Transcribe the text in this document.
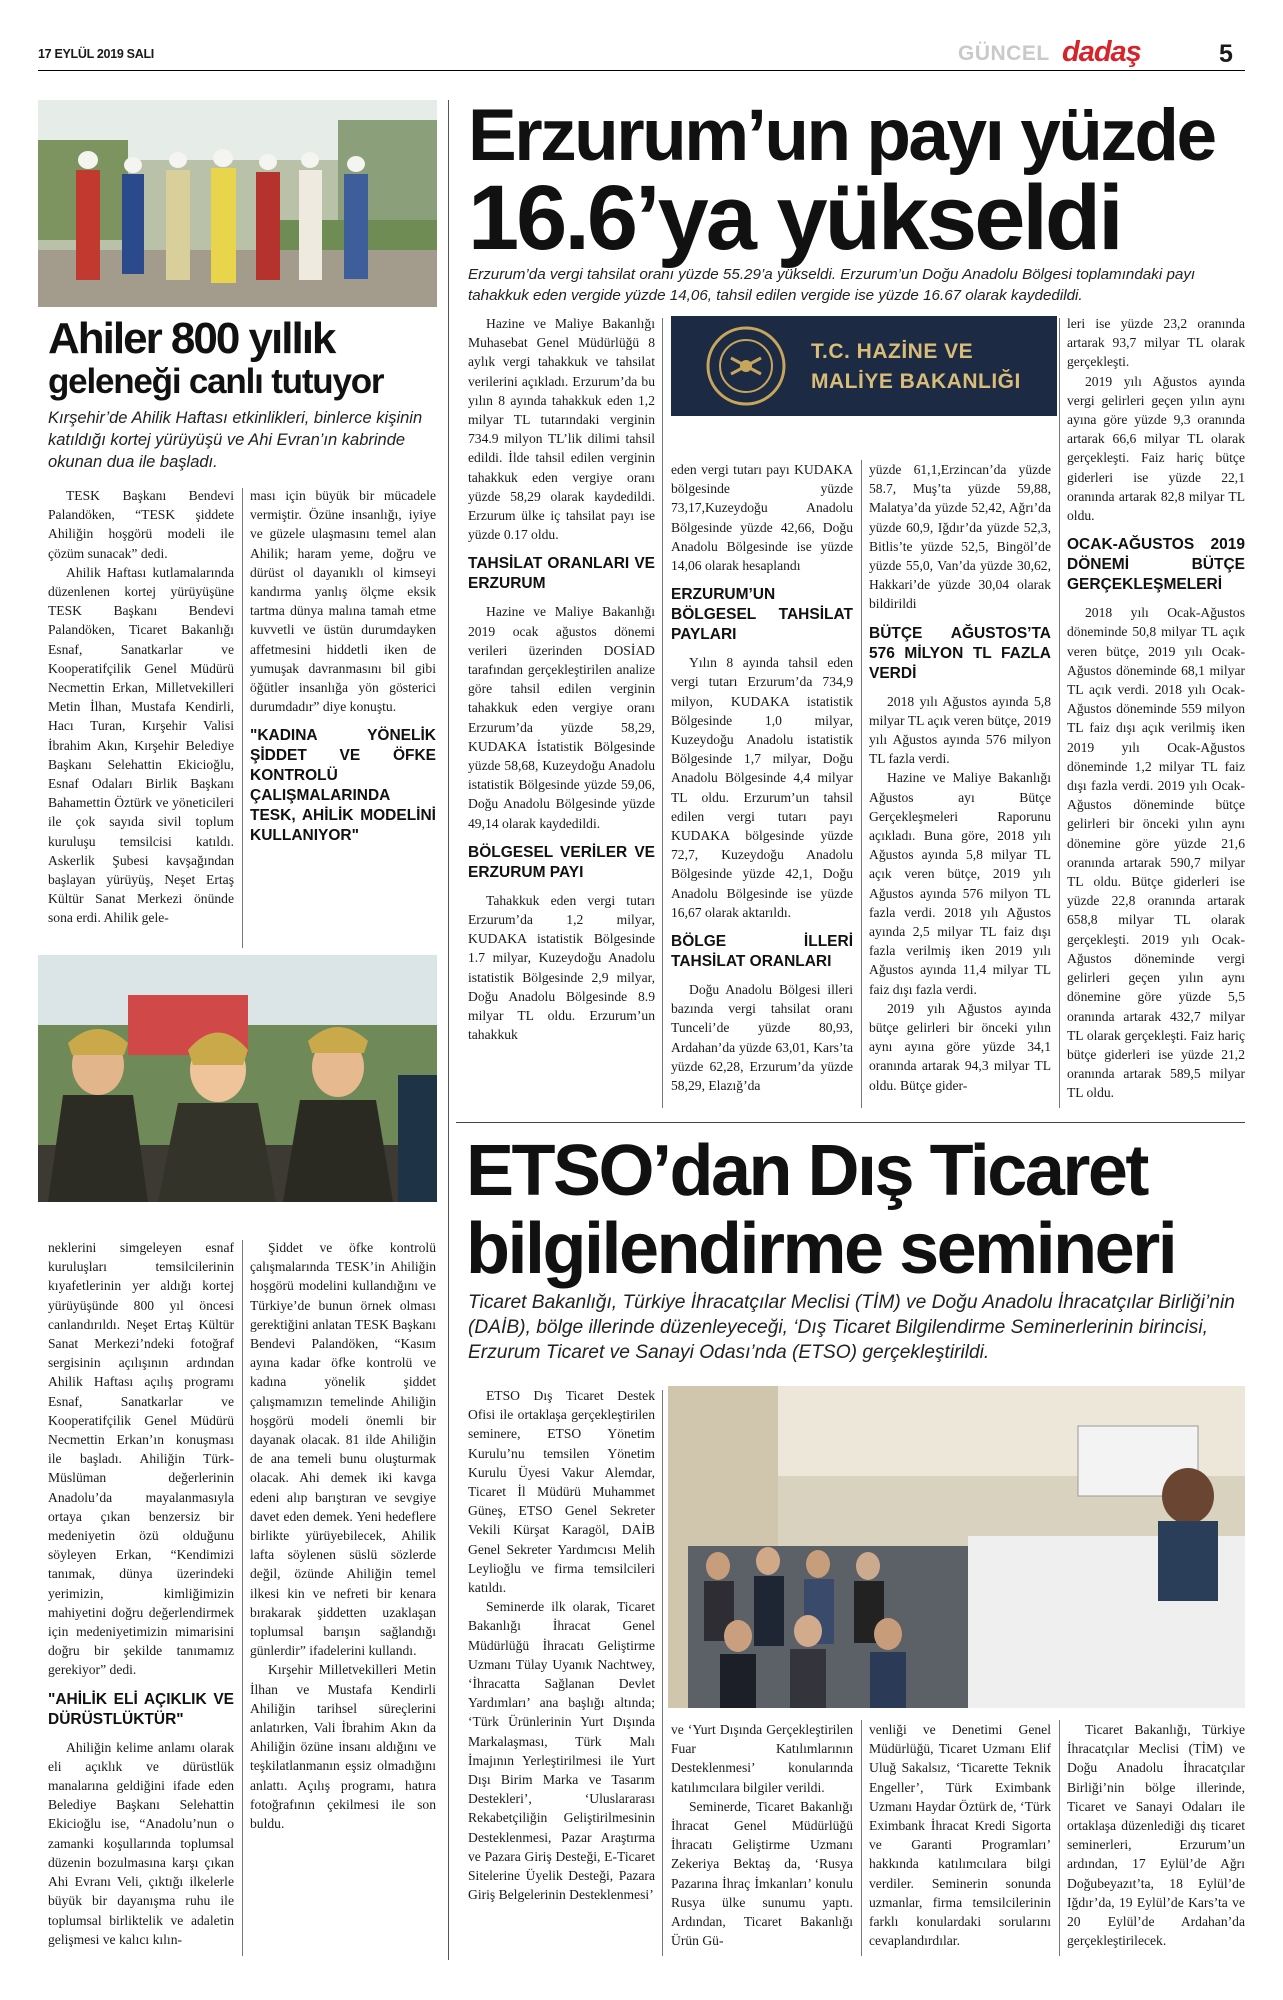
17 EYLÜL 2019 SALI	GÜNCEL dadaş	5
Ahiler 800 yıllık
geleneği canlı tutuyor

Kırşehir’de Ahilik Haftası etkinlikleri, binlerce kişinin katıldığı kortej yürüyüşü ve Ahi Evran’ın kabrinde okunan dua ile başladı.

TESK Başkanı Bendevi Palandöken, “TESK şiddete Ahiliğin hoşgörü modeli ile çözüm sunacak” dedi.

Ahilik Haftası kutlamalarında düzenlenen kortej yürüyüşüne TESK Başkanı Bendevi Palandöken, Ticaret Bakanlığı Esnaf, Sanatkarlar ve Kooperatifçilik Genel Müdürü Necmettin Erkan, Milletvekilleri Metin İlhan, Mustafa Kendirli, Hacı Turan, Kırşehir Valisi İbrahim Akın, Kırşehir Belediye Başkanı Selehattin Ekicioğlu, Esnaf Odaları Birlik Başkanı Bahamettin Öztürk ve yöneticileri ile çok sayıda sivil toplum kuruluşu temsilcisi katıldı. Askerlik Şubesi kavşağından başlayan yürüyüş, Neşet Ertaş Kültür Sanat Merkezi önünde sona erdi. Ahilik gele-

ması için büyük bir mücadele vermiştir. Özüne insanlığı, iyiye ve güzele ulaşmasını temel alan Ahilik; haram yeme, doğru ve dürüst ol dayanıklı ol kimseyi kandırma yanlış ölçme eksik tartma dünya malına tamah etme kuvvetli ve üstün durumdayken affetmesini hiddetli iken de yumuşak davranmasını bil gibi öğütler insanlığa yön gösterici durumdadır” diye konuştu.

"KADINA YÖNELİK ŞİDDET VE ÖFKE KONTROLÜ ÇALIŞMALARINDA TESK, AHİLİK MODELİNİ KULLANIYOR"

neklerini simgeleyen esnaf kuruluşları temsilcilerinin kıyafetlerinin yer aldığı kortej yürüyüşünde 800 yıl öncesi canlandırıldı. Neşet Ertaş Kültür Sanat Merkezi’ndeki fotoğraf sergisinin açılışının ardından Ahilik Haftası açılış programı Esnaf, Sanatkarlar ve Kooperatifçilik Genel Müdürü Necmettin Erkan’ın konuşması ile başladı. Ahiliğin Türk-Müslüman değerlerinin Anadolu’da mayalanmasıyla ortaya çıkan benzersiz bir medeniyetin özü olduğunu söyleyen Erkan, “Kendimizi tanımak, dünya üzerindeki yerimizin, kimliğimizin mahiyetini doğru değerlendirmek için medeniyetimizin mimarisini doğru bir şekilde tanımamız gerekiyor” dedi.

"AHİLİK ELİ AÇIKLIK VE DÜRÜSTLÜKTÜR"

Ahiliğin kelime anlamı olarak eli açıklık ve dürüstlük manalarına geldiğini ifade eden Belediye Başkanı Selehattin Ekicioğlu ise, “Anadolu’nun o zamanki koşullarında toplumsal düzenin bozulmasına karşı çıkan Ahi Evranı Veli, çıktığı ilkelerle büyük bir dayanışma ruhu ile toplumsal birliktelik ve adaletin gelişmesi ve kalıcı kılın-

Şiddet ve öfke kontrolü çalışmalarında TESK’in Ahiliğin hoşgörü modelini kullandığını ve Türkiye’de bunun örnek olması gerektiğini anlatan TESK Başkanı Bendevi Palandöken, “Kasım ayına kadar öfke kontrolü ve kadına yönelik şiddet çalışmamızın temelinde Ahiliğin hoşgörü modeli önemli bir dayanak olacak. 81 ilde Ahiliğin de ana temeli bunu oluşturmak olacak. Ahi demek iki kavga edeni alıp barıştıran ve sevgiye davet eden demek. Yeni hedeflere birlikte yürüyebilecek, Ahilik lafta söylenen süslü sözlerde değil, özünde Ahiliğin temel ilkesi kin ve nefreti bir kenara bırakarak şiddetten uzaklaşan toplumsal barışın sağlandığı günlerdir” ifadelerini kullandı.

Kırşehir Milletvekilleri Metin İlhan ve Mustafa Kendirli Ahiliğin tarihsel süreçlerini anlatırken, Vali İbrahim Akın da Ahiliğin özüne insanı aldığını ve teşkilatlanmanın eşsiz olmadığını anlattı. Açılış programı, hatıra fotoğrafının çekilmesi ile son buldu.

Erzurum’un payı yüzde
16.6’ya yükseldi

Erzurum’da vergi tahsilat oranı yüzde 55.29’a yükseldi. Erzurum’un Doğu Anadolu Bölgesi toplamındaki payı tahakkuk eden vergide yüzde 14,06, tahsil edilen vergide ise yüzde 16.67 olarak kaydedildi.

Hazine ve Maliye Bakanlığı Muhasebat Genel Müdürlüğü 8 aylık vergi tahakkuk ve tahsilat verilerini açıkladı. Erzurum’da bu yılın 8 ayında tahakkuk eden 1,2 milyar TL tutarındaki verginin 734.9 milyon TL’lik dilimi tahsil edildi. İlde tahsil edilen verginin tahakkuk eden vergiye oranı yüzde 58,29 olarak kaydedildi. Erzurum ülke iç tahsilat payı ise yüzde 0.17 oldu.

TAHSİLAT ORANLARI VE ERZURUM

Hazine ve Maliye Bakanlığı 2019 ocak ağustos dönemi verileri üzerinden DOSİAD tarafından gerçekleştirilen analize göre tahsil edilen verginin tahakkuk eden vergiye oranı Erzurum’da yüzde 58,29, KUDAKA İstatistik Bölgesinde yüzde 58,68, Kuzeydoğu Anadolu istatistik Bölgesinde yüzde 59,06, Doğu Anadolu Bölgesinde yüzde 49,14 olarak kaydedildi.

BÖLGESEL VERİLER VE ERZURUM PAYI

Tahakkuk eden vergi tutarı Erzurum’da 1,2 milyar, KUDAKA istatistik Bölgesinde 1.7 milyar, Kuzeydoğu Anadolu istatistik Bölgesinde 2,9 milyar, Doğu Anadolu Bölgesinde 8.9 milyar TL oldu. Erzurum’un tahakkuk

T.C. HAZİNE VE
MALİYE BAKANLIĞI

eden vergi tutarı payı KUDAKA bölgesinde yüzde 73,17,Kuzeydoğu Anadolu Bölgesinde yüzde 42,66, Doğu Anadolu Bölgesinde ise yüzde 14,06 olarak hesaplandı

ERZURUM’UN BÖLGESEL TAHSİLAT PAYLARI

Yılın 8 ayında tahsil eden vergi tutarı Erzurum’da 734,9 milyon, KUDAKA istatistik Bölgesinde 1,0 milyar, Kuzeydoğu Anadolu istatistik Bölgesinde 1,7 milyar, Doğu Anadolu Bölgesinde 4,4 milyar TL oldu. Erzurum’un tahsil edilen vergi tutarı payı KUDAKA bölgesinde yüzde 72,7, Kuzeydoğu Anadolu Bölgesinde yüzde 42,1, Doğu Anadolu Bölgesinde ise yüzde 16,67 olarak aktarıldı.

BÖLGE İLLERİ TAHSİLAT ORANLARI

Doğu Anadolu Bölgesi illeri bazında vergi tahsilat oranı Tunceli’de yüzde 80,93, Ardahan’da yüzde 63,01, Kars’ta yüzde 62,28, Erzurum’da yüzde 58,29, Elazığ’da

yüzde 61,1,Erzincan’da yüzde 58.7, Muş’ta yüzde 59,88, Malatya’da yüzde 52,42, Ağrı’da yüzde 60,9, Iğdır’da yüzde 52,3, Bitlis’te yüzde 52,5, Bingöl’de yüzde 55,0, Van’da yüzde 30,62, Hakkari’de yüzde 30,04 olarak bildirildi

BÜTÇE AĞUSTOS’TA 576 MİLYON TL FAZLA VERDİ

2018 yılı Ağustos ayında 5,8 milyar TL açık veren bütçe, 2019 yılı Ağustos ayında 576 milyon TL fazla verdi.

Hazine ve Maliye Bakanlığı Ağustos ayı Bütçe Gerçekleşmeleri Raporunu açıkladı. Buna göre, 2018 yılı Ağustos ayında 5,8 milyar TL açık veren bütçe, 2019 yılı Ağustos ayında 576 milyon TL fazla verdi. 2018 yılı Ağustos ayında 2,5 milyar TL faiz dışı fazla verilmiş iken 2019 yılı Ağustos ayında 11,4 milyar TL faiz dışı fazla verdi.

2019 yılı Ağustos ayında bütçe gelirleri bir önceki yılın aynı ayına göre yüzde 34,1 oranında artarak 94,3 milyar TL oldu. Bütçe gider-

leri ise yüzde 23,2 oranında artarak 93,7 milyar TL olarak gerçekleşti.

2019 yılı Ağustos ayında vergi gelirleri geçen yılın aynı ayına göre yüzde 9,3 oranında artarak 66,6 milyar TL olarak gerçekleşti. Faiz hariç bütçe giderleri ise yüzde 22,1 oranında artarak 82,8 milyar TL oldu.

OCAK-AĞUSTOS 2019 DÖNEMİ BÜTÇE GERÇEKLEŞMELERİ

2018 yılı Ocak-Ağustos döneminde 50,8 milyar TL açık veren bütçe, 2019 yılı Ocak-Ağustos döneminde 68,1 milyar TL açık verdi. 2018 yılı Ocak-Ağustos döneminde 559 milyon TL faiz dışı açık verilmiş iken 2019 yılı Ocak-Ağustos döneminde 1,2 milyar TL faiz dışı fazla verdi. 2019 yılı Ocak-Ağustos döneminde bütçe gelirleri bir önceki yılın aynı dönemine göre yüzde 21,6 oranında artarak 590,7 milyar TL oldu. Bütçe giderleri ise yüzde 22,8 oranında artarak 658,8 milyar TL olarak gerçekleşti. 2019 yılı Ocak-Ağustos döneminde vergi gelirleri geçen yılın aynı dönemine göre yüzde 5,5 oranında artarak 432,7 milyar TL olarak gerçekleşti. Faiz hariç bütçe giderleri ise yüzde 21,2 oranında artarak 589,5 milyar TL oldu.

ETSO’dan Dış Ticaret
bilgilendirme semineri

Ticaret Bakanlığı, Türkiye İhracatçılar Meclisi (TİM) ve Doğu Anadolu İhracatçılar Birliği’nin (DAİB), bölge illerinde düzenleyeceği, ‘Dış Ticaret Bilgilendirme Seminerlerinin birincisi, Erzurum Ticaret ve Sanayi Odası’nda (ETSO) gerçekleştirildi.

ETSO Dış Ticaret Destek Ofisi ile ortaklaşa gerçekleştirilen seminere, ETSO Yönetim Kurulu’nu temsilen Yönetim Kurulu Üyesi Vakur Alemdar, Ticaret İl Müdürü Muhammet Güneş, ETSO Genel Sekreter Vekili Kürşat Karagöl, DAİB Genel Sekreter Yardımcısı Melih Leylioğlu ve firma temsilcileri katıldı.

Seminerde ilk olarak, Ticaret Bakanlığı İhracat Genel Müdürlüğü İhracatı Geliştirme Uzmanı Tülay Uyanık Nachtwey, ‘İhracatta Sağlanan Devlet Yardımları’ ana başlığı altında; ‘Türk Ürünlerinin Yurt Dışında Markalaşması, Türk Malı İmajının Yerleştirilmesi ile Yurt Dışı Birim Marka ve Tasarım Destekleri’, ‘Uluslararası Rekabetçiliğin Geliştirilmesinin Desteklenmesi, Pazar Araştırma ve Pazara Giriş Desteği, E-Ticaret Sitelerine Üyelik Desteği, Pazara Giriş Belgelerinin Desteklenmesi’

ve ‘Yurt Dışında Gerçekleştirilen Fuar Katılımlarının Desteklenmesi’ konularında katılımcılara bilgiler verildi.

Seminerde, Ticaret Bakanlığı İhracat Genel Müdürlüğü İhracatı Geliştirme Uzmanı Zekeriya Bektaş da, ‘Rusya Pazarına İhraç İmkanları’ konulu Rusya ülke sunumu yaptı. Ardından, Ticaret Bakanlığı Ürün Gü-

venliği ve Denetimi Genel Müdürlüğü, Ticaret Uzmanı Elif Uluğ Sakalsız, ‘Ticarette Teknik Engeller’, Türk Eximbank Uzmanı Haydar Öztürk de, ‘Türk Eximbank İhracat Kredi Sigorta ve Garanti Programları’ hakkında katılımcılara bilgi verdiler. Seminerin sonunda uzmanlar, firma temsilcilerinin farklı konulardaki sorularını cevaplandırdılar.

Ticaret Bakanlığı, Türkiye İhracatçılar Meclisi (TİM) ve Doğu Anadolu İhracatçılar Birliği’nin bölge illerinde, Ticaret ve Sanayi Odaları ile ortaklaşa düzenlediği dış ticaret seminerleri, Erzurum’un ardından, 17 Eylül’de Ağrı Doğubeyazıt’ta, 18 Eylül’de Iğdır’da, 19 Eylül’de Kars’ta ve 20 Eylül’de Ardahan’da gerçekleştirilecek.
